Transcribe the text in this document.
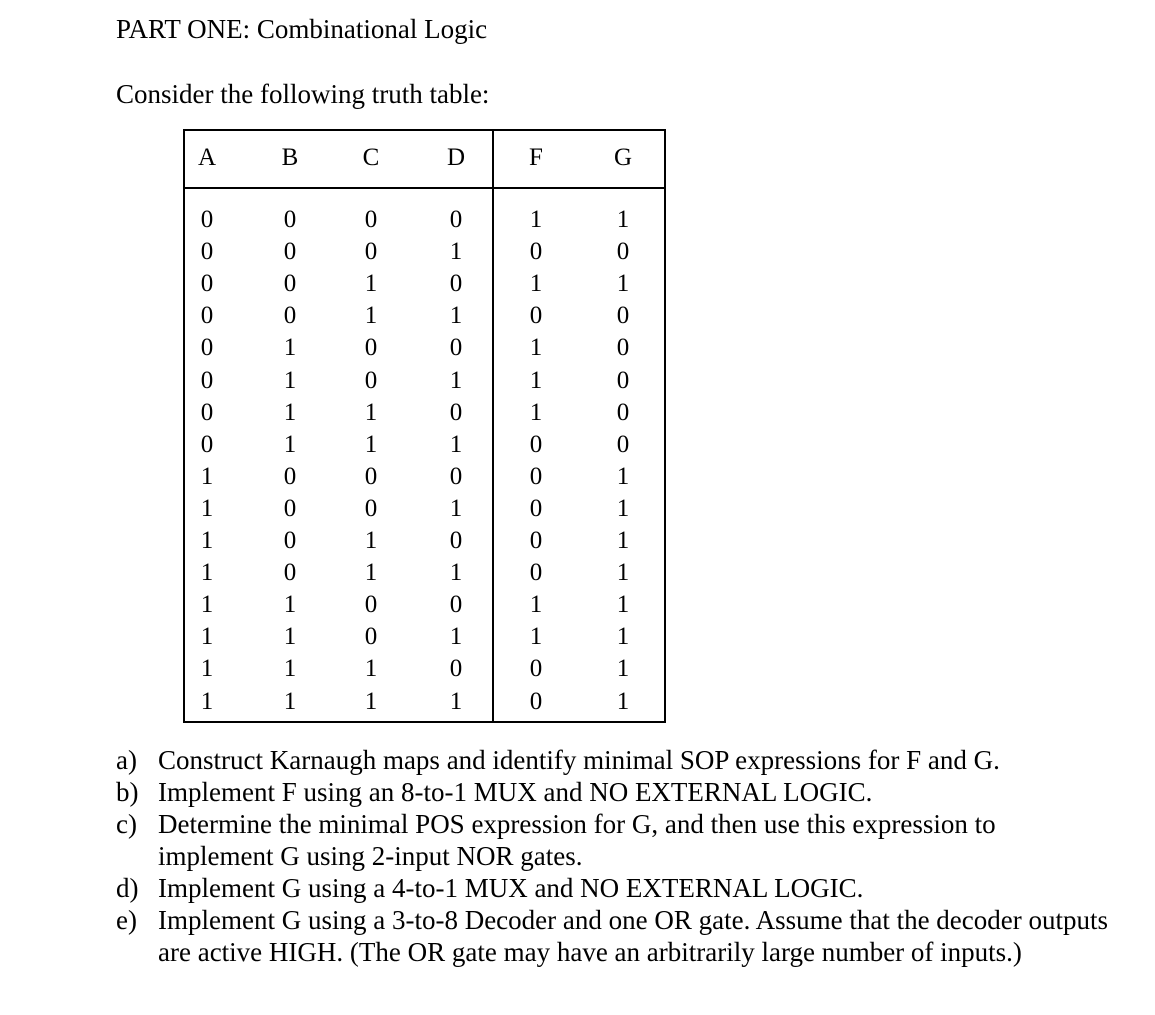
PART ONE: Combinational Logic
Consider the following truth table:
A	B	C	D	F	G
0	0	0	0	1	1
0	0	0	1	0	0
0	0	1	0	1	1
0	0	1	1	0	0
0	1	0	0	1	0
0	1	0	1	1	0
0	1	1	0	1	0
0	1	1	1	0	0
1	0	0	0	0	1
1	0	0	1	0	1
1	0	1	0	0	1
1	0	1	1	0	1
1	1	0	0	1	1
1	1	0	1	1	1
1	1	1	0	0	1
1	1	1	1	0	1
a) Construct Karnaugh maps and identify minimal SOP expressions for F and G.
b) Implement F using an 8-to-1 MUX and NO EXTERNAL LOGIC.
c) Determine the minimal POS expression for G, and then use this expression to implement G using 2-input NOR gates.
d) Implement G using a 4-to-1 MUX and NO EXTERNAL LOGIC.
e) Implement G using a 3-to-8 Decoder and one OR gate. Assume that the decoder outputs are active HIGH. (The OR gate may have an arbitrarily large number of inputs.)
